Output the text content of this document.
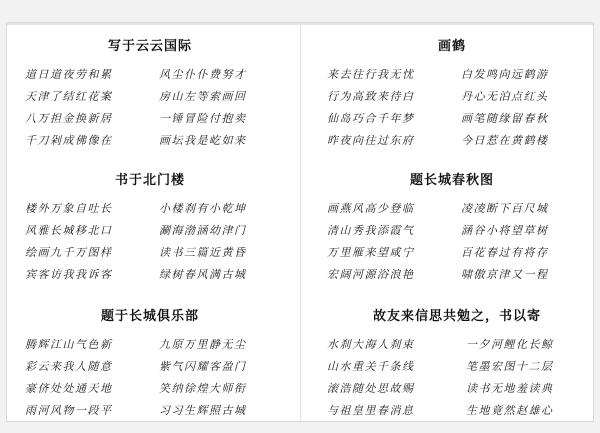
写于云云国际
道日道夜劳和累
天津了结红花案
八万担金换新居
千刀剁成佛像在
风尘仆仆费努才
房山左等索画回
一锤冒险付抱卖
画坛我是屹如来
画鹤
来去往行我无忧
行为高致来待白
仙岛巧合千年梦
昨夜向往过东府
白发鸣向远鹤游
丹心无泊点红头
画笔随缘留春秋
今日惹在黄鹤楼
书于北门楼
楼外万象自吐长
风雅长城移北口
绘画九千万图样
宾客访我我诉客
小楼刹有小乾坤
涮海渤涵幼津门
读书三篇近黄昏
绿树春风满古城
题长城春秋图
画燕风高少登临
清山秀我添霞气
万里雁来望咸宁
宏阔河源浴浪艳
凌凌断下百尺城
涵谷小将望草树
百花春过有将存
啸傲京津又一程
题于长城俱乐部
腾辉江山气色新
彩云来我人随意
豪侪处处通天地
雨河风物一段平
九原万里静无尘
紫气闪耀客盈门
笑纳徐煌大师衔
习习生辉照古城
故友来信思共勉之，书以寄
水刹大海人刹束
山水重关千条线
滚浩随处思故赐
与祖皇里春消息
一夕河鲤化长鲸
笔墨宏图十二层
读书无地羞读典
生地竟然赵雄心
